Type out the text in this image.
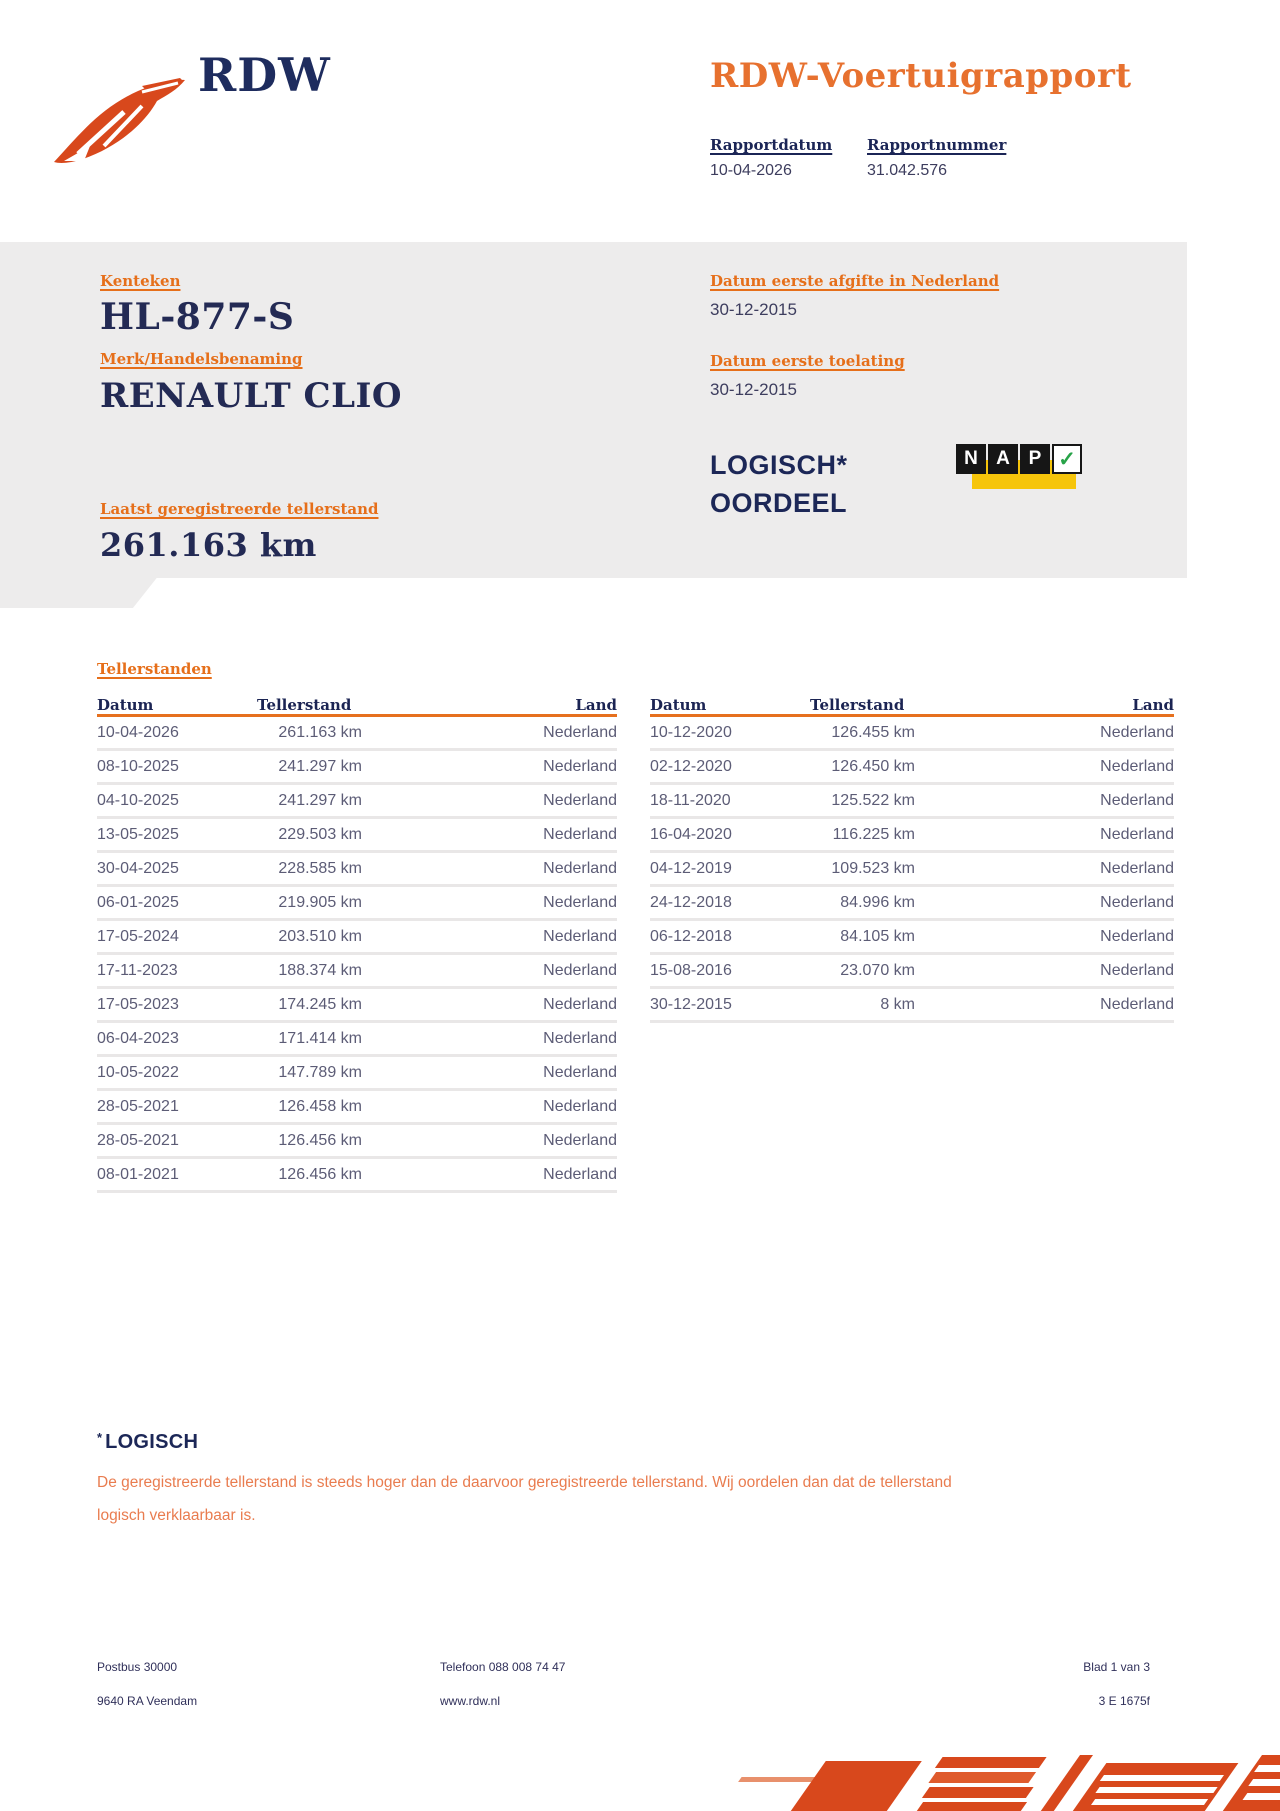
RDW	RDW-Voertuigrapport
Rapportdatum Rapportnummer
10-04-2026	31.042.576
Kenteken
HL-877-S
Merk/Handelsbenaming
RENAULT CLIO
Datum eerste afgifte in Nederland
30-12-2015
Datum eerste toelating
30-12-2015
LOGISCH*
OORDEEL
N A P ✓
Laatst geregistreerde tellerstand
261.163 km
Tellerstanden
Datum	Tellerstand	Land
10-04-2026	261.163 km	Nederland
08-10-2025	241.297 km	Nederland
04-10-2025	241.297 km	Nederland
13-05-2025	229.503 km	Nederland
30-04-2025	228.585 km	Nederland
06-01-2025	219.905 km	Nederland
17-05-2024	203.510 km	Nederland
17-11-2023	188.374 km	Nederland
17-05-2023	174.245 km	Nederland
06-04-2023	171.414 km	Nederland
10-05-2022	147.789 km	Nederland
28-05-2021	126.458 km	Nederland
28-05-2021	126.456 km	Nederland
08-01-2021	126.456 km	Nederland
Datum	Tellerstand	Land
10-12-2020	126.455 km	Nederland
02-12-2020	126.450 km	Nederland
18-11-2020	125.522 km	Nederland
16-04-2020	116.225 km	Nederland
04-12-2019	109.523 km	Nederland
24-12-2018	84.996 km	Nederland
06-12-2018	84.105 km	Nederland
15-08-2016	23.070 km	Nederland
30-12-2015	8 km	Nederland
* LOGISCH
De geregistreerde tellerstand is steeds hoger dan de daarvoor geregistreerde tellerstand. Wij oordelen dan dat de tellerstand logisch verklaarbaar is.
Postbus 30000
9640 RA Veendam
Telefoon 088 008 74 47
www.rdw.nl
Blad 1 van 3
3 E 1675f
